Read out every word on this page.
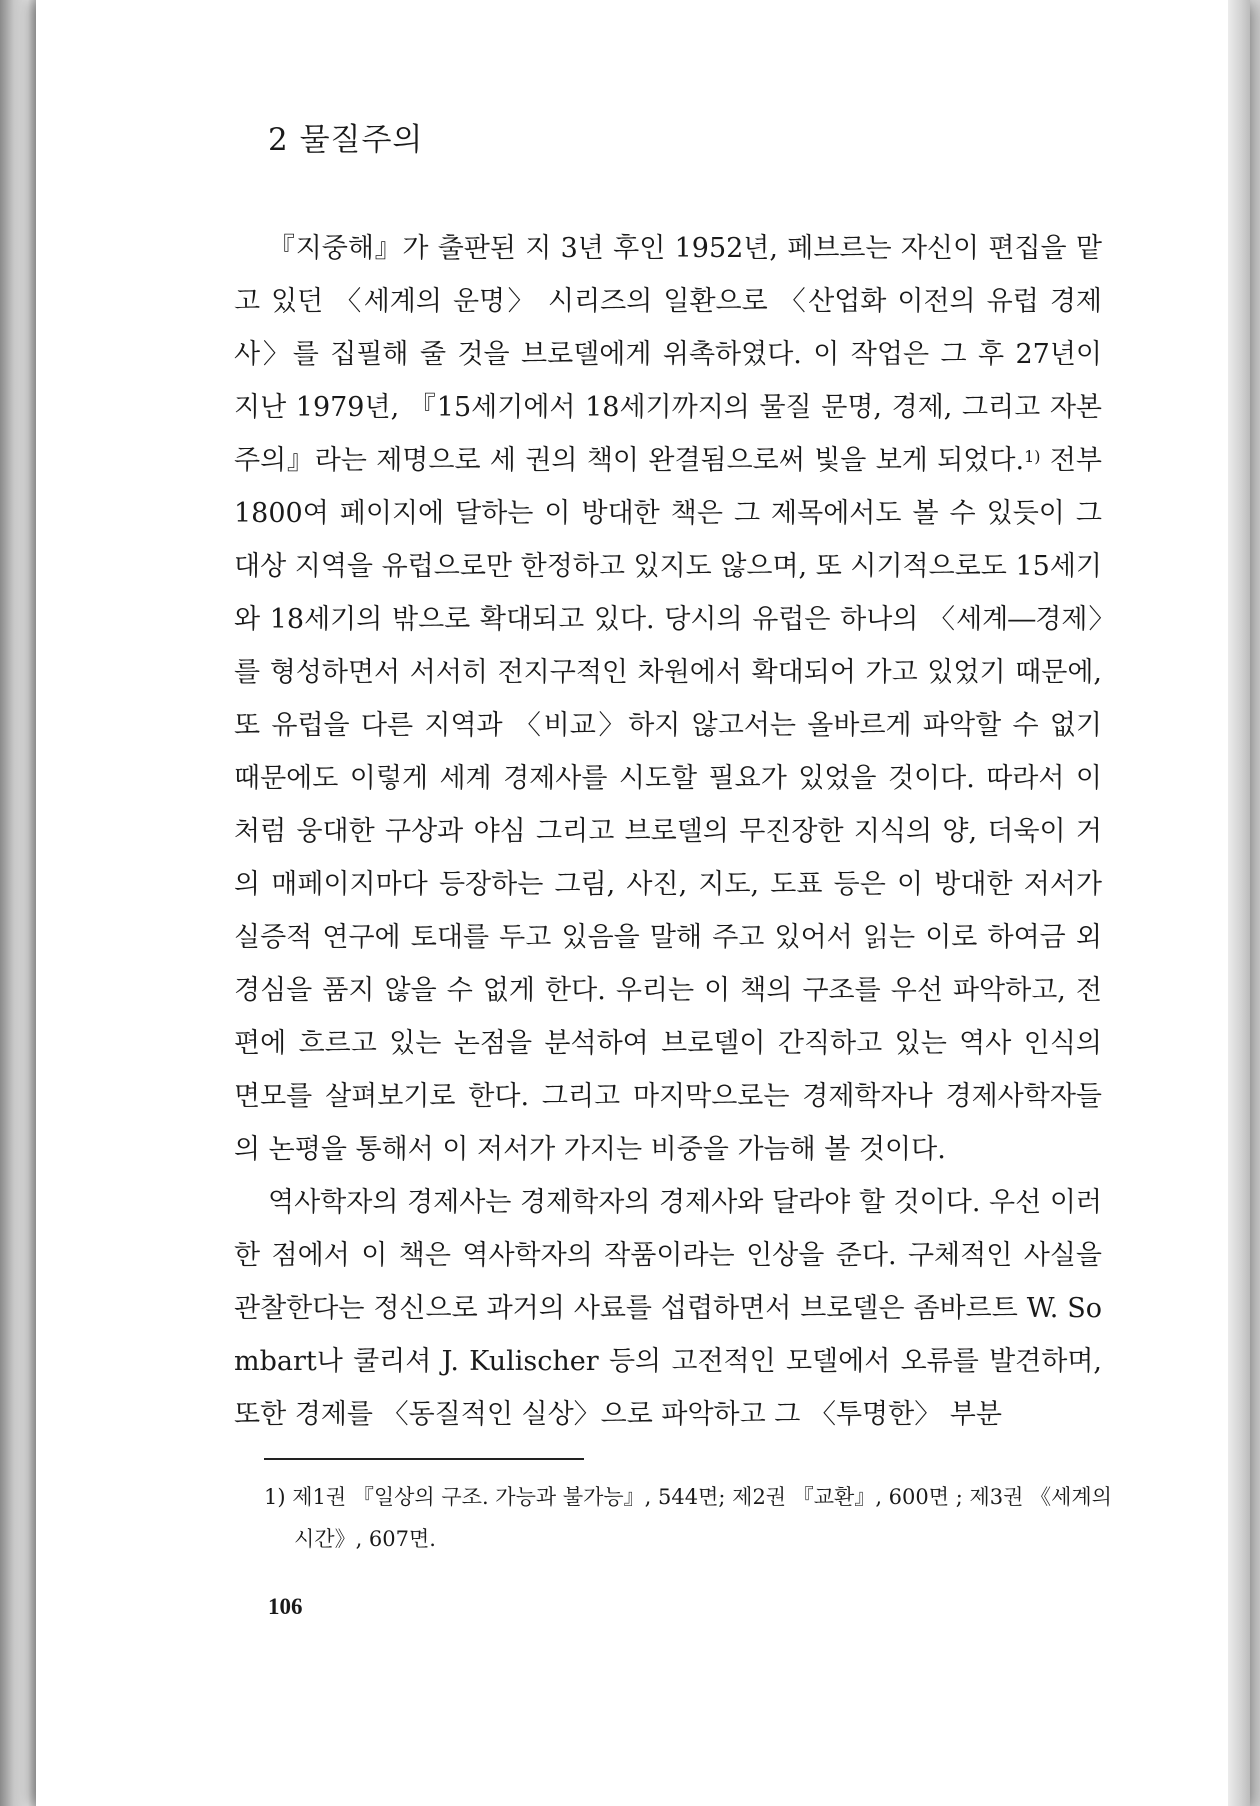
2 물질주의

『지중해』가 출판된 지 3년 후인 1952년, 페브르는 자신이 편집을 맡고 있던 〈세계의 운명〉 시리즈의 일환으로 〈산업화 이전의 유럽 경제사〉를 집필해 줄 것을 브로델에게 위촉하였다. 이 작업은 그 후 27년이 지난 1979년, 『15세기에서 18세기까지의 물질 문명, 경제, 그리고 자본주의』라는 제명으로 세 권의 책이 완결됨으로써 빛을 보게 되었다.$^{1)}$ 전부 1800여 페이지에 달하는 이 방대한 책은 그 제목에서도 볼 수 있듯이 그 대상 지역을 유럽으로만 한정하고 있지도 않으며, 또 시기적으로도 15세기와 18세기의 밖으로 확대되고 있다. 당시의 유럽은 하나의 〈세계―경제〉를 형성하면서 서서히 전지구적인 차원에서 확대되어 가고 있었기 때문에, 또 유럽을 다른 지역과 〈비교〉하지 않고서는 올바르게 파악할 수 없기 때문에도 이렇게 세계 경제사를 시도할 필요가 있었을 것이다. 따라서 이처럼 웅대한 구상과 야심 그리고 브로델의 무진장한 지식의 양, 더욱이 거의 매페이지마다 등장하는 그림, 사진, 지도, 도표 등은 이 방대한 저서가 실증적 연구에 토대를 두고 있음을 말해 주고 있어서 읽는 이로 하여금 외경심을 품지 않을 수 없게 한다. 우리는 이 책의 구조를 우선 파악하고, 전편에 흐르고 있는 논점을 분석하여 브로델이 간직하고 있는 역사 인식의 면모를 살펴보기로 한다. 그리고 마지막으로는 경제학자나 경제사학자들의 논평을 통해서 이 저서가 가지는 비중을 가늠해 볼 것이다.

역사학자의 경제사는 경제학자의 경제사와 달라야 할 것이다. 우선 이러한 점에서 이 책은 역사학자의 작품이라는 인상을 준다. 구체적인 사실을 관찰한다는 정신으로 과거의 사료를 섭렵하면서 브로델은 좀바르트 W. Sombart나 쿨리셔 J. Kulischer 등의 고전적인 모델에서 오류를 발견하며, 또한 경제를 〈동질적인 실상〉으로 파악하고 그 〈투명한〉 부분

1) 제1권 『일상의 구조. 가능과 불가능』, 544면; 제2권 『교환』, 600면 ; 제3권 《세계의 시간》, 607면.
106
